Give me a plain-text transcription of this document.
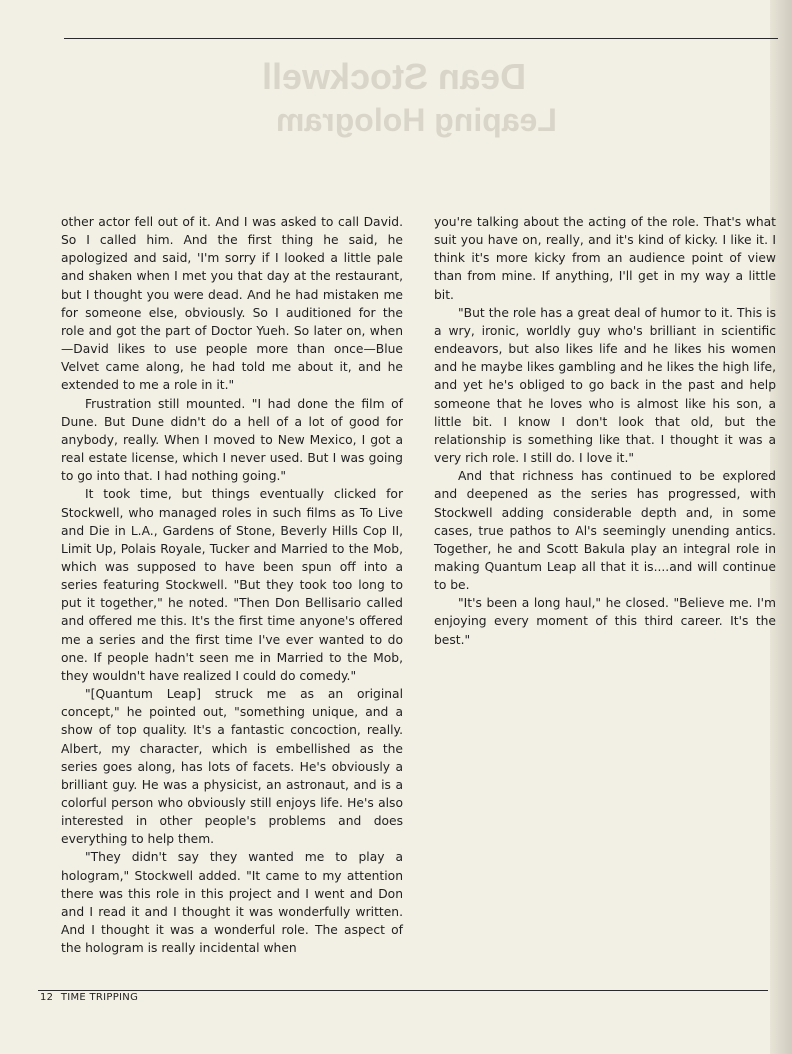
Dean Stockwell
Leaping Hologram

other actor fell out of it. And I was asked to call David. So I called him. And the first thing he said, he apologized and said, 'I'm sorry if I looked a little pale and shaken when I met you that day at the restaurant, but I thought you were dead. And he had mistaken me for someone else, obviously. So I auditioned for the role and got the part of Doctor Yueh. So later on, when—David likes to use people more than once—Blue Velvet came along, he had told me about it, and he extended to me a role in it."

Frustration still mounted. "I had done the film of Dune. But Dune didn't do a hell of a lot of good for anybody, really. When I moved to New Mexico, I got a real estate license, which I never used. But I was going to go into that. I had nothing going."

It took time, but things eventually clicked for Stockwell, who managed roles in such films as To Live and Die in L.A., Gardens of Stone, Beverly Hills Cop II, Limit Up, Polais Royale, Tucker and Married to the Mob, which was supposed to have been spun off into a series featuring Stockwell. "But they took too long to put it together," he noted. "Then Don Bellisario called and offered me this. It's the first time anyone's offered me a series and the first time I've ever wanted to do one. If people hadn't seen me in Married to the Mob, they wouldn't have realized I could do comedy."

"[Quantum Leap] struck me as an original concept," he pointed out, "something unique, and a show of top quality. It's a fantastic concoction, really. Albert, my character, which is embellished as the series goes along, has lots of facets. He's obviously a brilliant guy. He was a physicist, an astronaut, and is a colorful person who obviously still enjoys life. He's also interested in other people's problems and does everything to help them.

"They didn't say they wanted me to play a hologram," Stockwell added. "It came to my attention there was this role in this project and I went and Don and I read it and I thought it was wonderfully written. And I thought it was a wonderful role. The aspect of the hologram is really incidental when

you're talking about the acting of the role. That's what suit you have on, really, and it's kind of kicky. I like it. I think it's more kicky from an audience point of view than from mine. If anything, I'll get in my way a little bit.

"But the role has a great deal of humor to it. This is a wry, ironic, worldly guy who's brilliant in scientific endeavors, but also likes life and he likes his women and he maybe likes gambling and he likes the high life, and yet he's obliged to go back in the past and help someone that he loves who is almost like his son, a little bit. I know I don't look that old, but the relationship is something like that. I thought it was a very rich role. I still do. I love it."

And that richness has continued to be explored and deepened as the series has progressed, with Stockwell adding considerable depth and, in some cases, true pathos to Al's seemingly unending antics. Together, he and Scott Bakula play an integral role in making Quantum Leap all that it is....and will continue to be.

"It's been a long haul," he closed. "Believe me. I'm enjoying every moment of this third career. It's the best."

12 TIME TRIPPING
